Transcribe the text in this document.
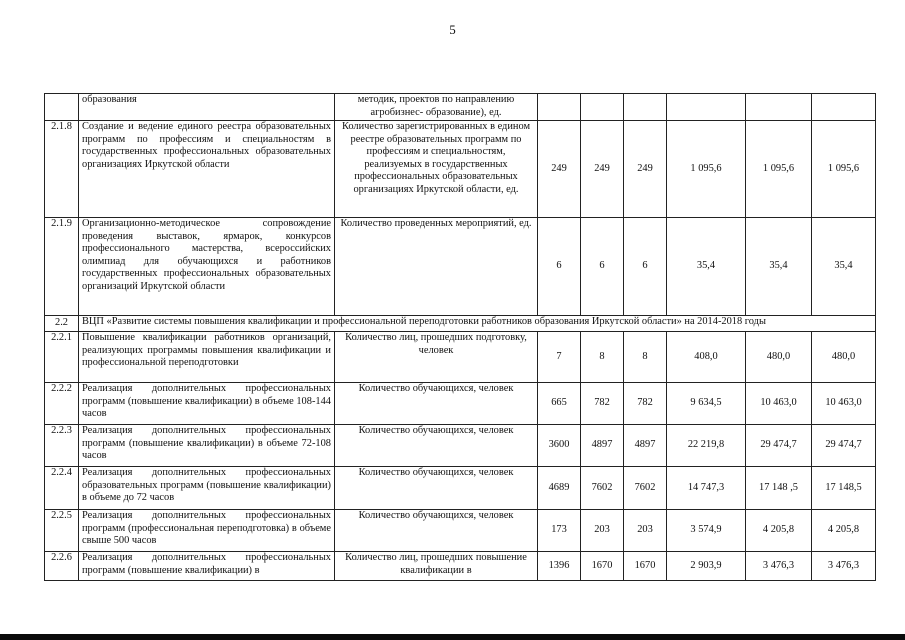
5
	образования	методик, проектов по направлению агробизнес- образование), ед.						
2.1.8	Создание и ведение единого реестра образовательных программ по профессиям и специальностям в государственных профессиональных образовательных организациях Иркутской области	Количество зарегистрированных в едином реестре образовательных программ по профессиям и специальностям, реализуемых в государственных профессиональных образовательных организациях Иркутской области, ед.	249	249	249	1 095,6	1 095,6	1 095,6
2.1.9	Организационно-методическое сопровождение проведения выставок, ярмарок, конкурсов профессионального мастерства, всероссийских олимпиад для обучающихся и работников государственных профессиональных образовательных организаций Иркутской области	Количество проведенных мероприятий, ед.	6	6	6	35,4	35,4	35,4
2.2	ВЦП «Развитие системы повышения квалификации и профессиональной переподготовки работников образования Иркутской области» на 2014-2018 годы							
2.2.1	Повышение квалификации работников организаций, реализующих программы повышения квалификации и профессиональной переподготовки	Количество лиц, прошедших подготовку, человек	7	8	8	408,0	480,0	480,0
2.2.2	Реализация дополнительных профессиональных программ (повышение квалификации) в объеме 108-144 часов	Количество обучающихся, человек	665	782	782	9 634,5	10 463,0	10 463,0
2.2.3	Реализация дополнительных профессиональных программ (повышение квалификации) в объеме 72-108 часов	Количество обучающихся, человек	3600	4897	4897	22 219,8	29 474,7	29 474,7
2.2.4	Реализация дополнительных профессиональных образовательных программ (повышение квалификации) в объеме до 72 часов	Количество обучающихся, человек	4689	7602	7602	14 747,3	17 148 ,5	17 148,5
2.2.5	Реализация дополнительных профессиональных программ (профессиональная переподготовка) в объеме свыше 500 часов	Количество обучающихся, человек	173	203	203	3 574,9	4 205,8	4 205,8
2.2.6	Реализация дополнительных профессиональных программ (повышение квалификации) в	Количество лиц, прошедших повышение квалификации в	1396	1670	1670	2 903,9	3 476,3	3 476,3
